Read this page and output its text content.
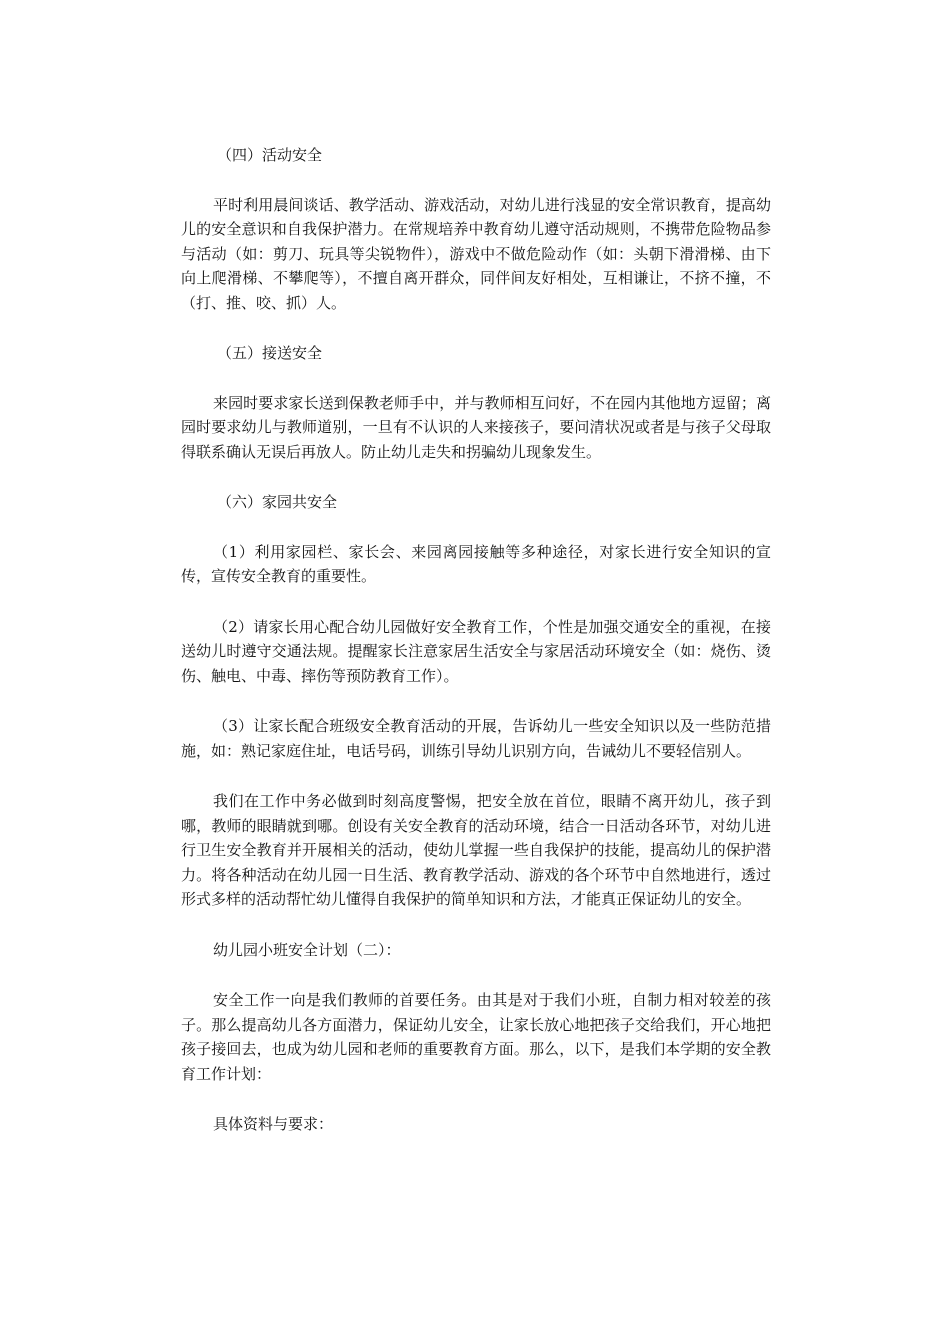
（四）活动安全

平时利用晨间谈话、教学活动、游戏活动，对幼儿进行浅显的安全常识教育，提高幼儿的安全意识和自我保护潜力。在常规培养中教育幼儿遵守活动规则，不携带危险物品参与活动（如：剪刀、玩具等尖锐物件），游戏中不做危险动作（如：头朝下滑滑梯、由下向上爬滑梯、不攀爬等），不擅自离开群众，同伴间友好相处，互相谦让，不挤不撞，不（打、推、咬、抓）人。

（五）接送安全

来园时要求家长送到保教老师手中，并与教师相互问好，不在园内其他地方逗留；离园时要求幼儿与教师道别，一旦有不认识的人来接孩子，要问清状况或者是与孩子父母取得联系确认无误后再放人。防止幼儿走失和拐骗幼儿现象发生。

（六）家园共安全

（1）利用家园栏、家长会、来园离园接触等多种途径，对家长进行安全知识的宣传，宣传安全教育的重要性。

（2）请家长用心配合幼儿园做好安全教育工作，个性是加强交通安全的重视，在接送幼儿时遵守交通法规。提醒家长注意家居生活安全与家居活动环境安全（如：烧伤、烫伤、触电、中毒、摔伤等预防教育工作）。

（3）让家长配合班级安全教育活动的开展，告诉幼儿一些安全知识以及一些防范措施，如：熟记家庭住址，电话号码，训练引导幼儿识别方向，告诫幼儿不要轻信别人。

我们在工作中务必做到时刻高度警惕，把安全放在首位，眼睛不离开幼儿，孩子到哪，教师的眼睛就到哪。创设有关安全教育的活动环境，结合一日活动各环节，对幼儿进行卫生安全教育并开展相关的活动，使幼儿掌握一些自我保护的技能，提高幼儿的保护潜力。将各种活动在幼儿园一日生活、教育教学活动、游戏的各个环节中自然地进行，透过形式多样的活动帮忙幼儿懂得自我保护的简单知识和方法，才能真正保证幼儿的安全。

幼儿园小班安全计划（二）：

安全工作一向是我们教师的首要任务。由其是对于我们小班，自制力相对较差的孩子。那么提高幼儿各方面潜力，保证幼儿安全，让家长放心地把孩子交给我们，开心地把孩子接回去，也成为幼儿园和老师的重要教育方面。那么，以下，是我们本学期的安全教育工作计划：

具体资料与要求：
